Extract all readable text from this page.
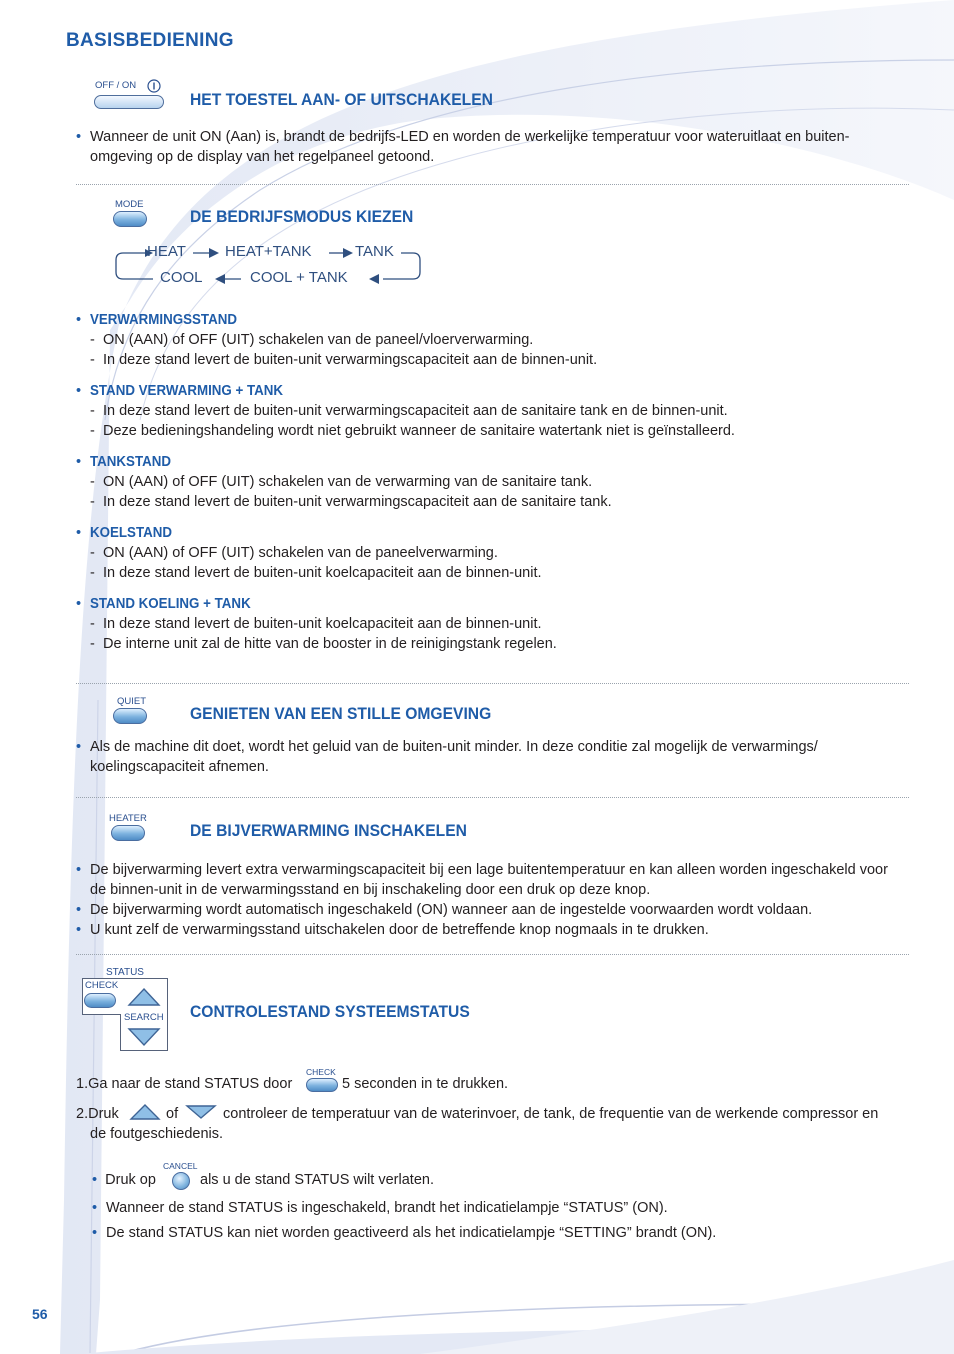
BASISBEDIENING
OFF / ON
HET TOESTEL AAN- OF UITSCHAKELEN
• Wanneer de unit ON (Aan) is, brandt de bedrijfs-LED en worden de werkelijke temperatuur voor wateruitlaat en buiten-omgeving op de display van het regelpaneel getoond.
MODE
DE BEDRIJFSMODUS KIEZEN
HEAT	HEAT+TANK	TANK
COOL	COOL + TANK
• VERWARMINGSSTAND
- ON (AAN) of OFF (UIT) schakelen van de paneel/vloerverwarming.
- In deze stand levert de buiten-unit verwarmingscapaciteit aan de binnen-unit.
• STAND VERWARMING + TANK
- In deze stand levert de buiten-unit verwarmingscapaciteit aan de sanitaire tank en de binnen-unit.
- Deze bedieningshandeling wordt niet gebruikt wanneer de sanitaire watertank niet is geïnstalleerd.
• TANKSTAND
- ON (AAN) of OFF (UIT) schakelen van de verwarming van de sanitaire tank.
- In deze stand levert de buiten-unit verwarmingscapaciteit aan de sanitaire tank.
• KOELSTAND
- ON (AAN) of OFF (UIT) schakelen van de paneelverwarming.
- In deze stand levert de buiten-unit koelcapaciteit aan de binnen-unit.
• STAND KOELING + TANK
- In deze stand levert de buiten-unit koelcapaciteit aan de binnen-unit.
- De interne unit zal de hitte van de booster in de reinigingstank regelen.
QUIET
GENIETEN VAN EEN STILLE OMGEVING
• Als de machine dit doet, wordt het geluid van de buiten-unit minder. In deze conditie zal mogelijk de verwarmings/ koelingscapaciteit afnemen.
HEATER
DE BIJVERWARMING INSCHAKELEN
• De bijverwarming levert extra verwarmingscapaciteit bij een lage buitentemperatuur en kan alleen worden ingeschakeld voor de binnen-unit in de verwarmingsstand en bij inschakeling door een druk op deze knop.
• De bijverwarming wordt automatisch ingeschakeld (ON) wanneer aan de ingestelde voorwaarden wordt voldaan.
• U kunt zelf de verwarmingsstand uitschakelen door de betreffende knop nogmaals in te drukken.
STATUS
CHECK
SEARCH CONTROLESTAND SYSTEEMSTATUS
1.Ga naar de stand STATUS door
CHECK
5 seconden in te drukken.
2.Druk	of	controleer de temperatuur van de waterinvoer, de tank, de frequentie van de werkende compressor en
de foutgeschiedenis.
• Druk op
CANCEL
als u de stand STATUS wilt verlaten.
• Wanneer de stand STATUS is ingeschakeld, brandt het indicatielampje “STATUS” (ON).
• De stand STATUS kan niet worden geactiveerd als het indicatielampje “SETTING” brandt (ON).
56
